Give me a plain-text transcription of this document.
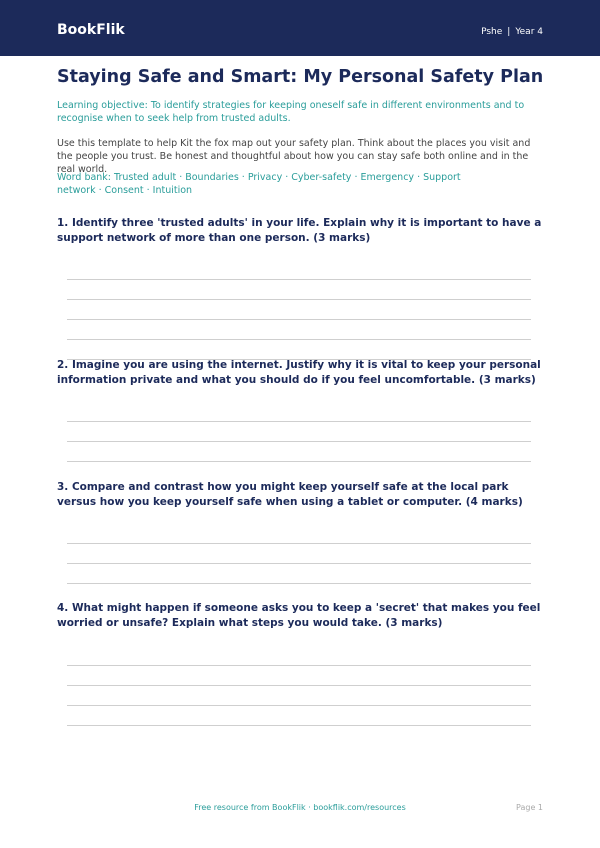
BookFlik	Pshe | Year 4
Staying Safe and Smart: My Personal Safety Plan
Learning objective: To identify strategies for keeping oneself safe in different environments and to recognise when to seek help from trusted adults.
Use this template to help Kit the fox map out your safety plan. Think about the places you visit and the people you trust. Be honest and thoughtful about how you can stay safe both online and in the real world.
Word bank: Trusted adult · Boundaries · Privacy · Cyber-safety · Emergency · Support network · Consent · Intuition
1. Identify three 'trusted adults' in your life. Explain why it is important to have a support network of more than one person. (3 marks)
2. Imagine you are using the internet. Justify why it is vital to keep your personal information private and what you should do if you feel uncomfortable. (3 marks)
3. Compare and contrast how you might keep yourself safe at the local park versus how you keep yourself safe when using a tablet or computer. (4 marks)
4. What might happen if someone asks you to keep a 'secret' that makes you feel worried or unsafe? Explain what steps you would take. (3 marks)
Free resource from BookFlik · bookflik.com/resources	Page 1
